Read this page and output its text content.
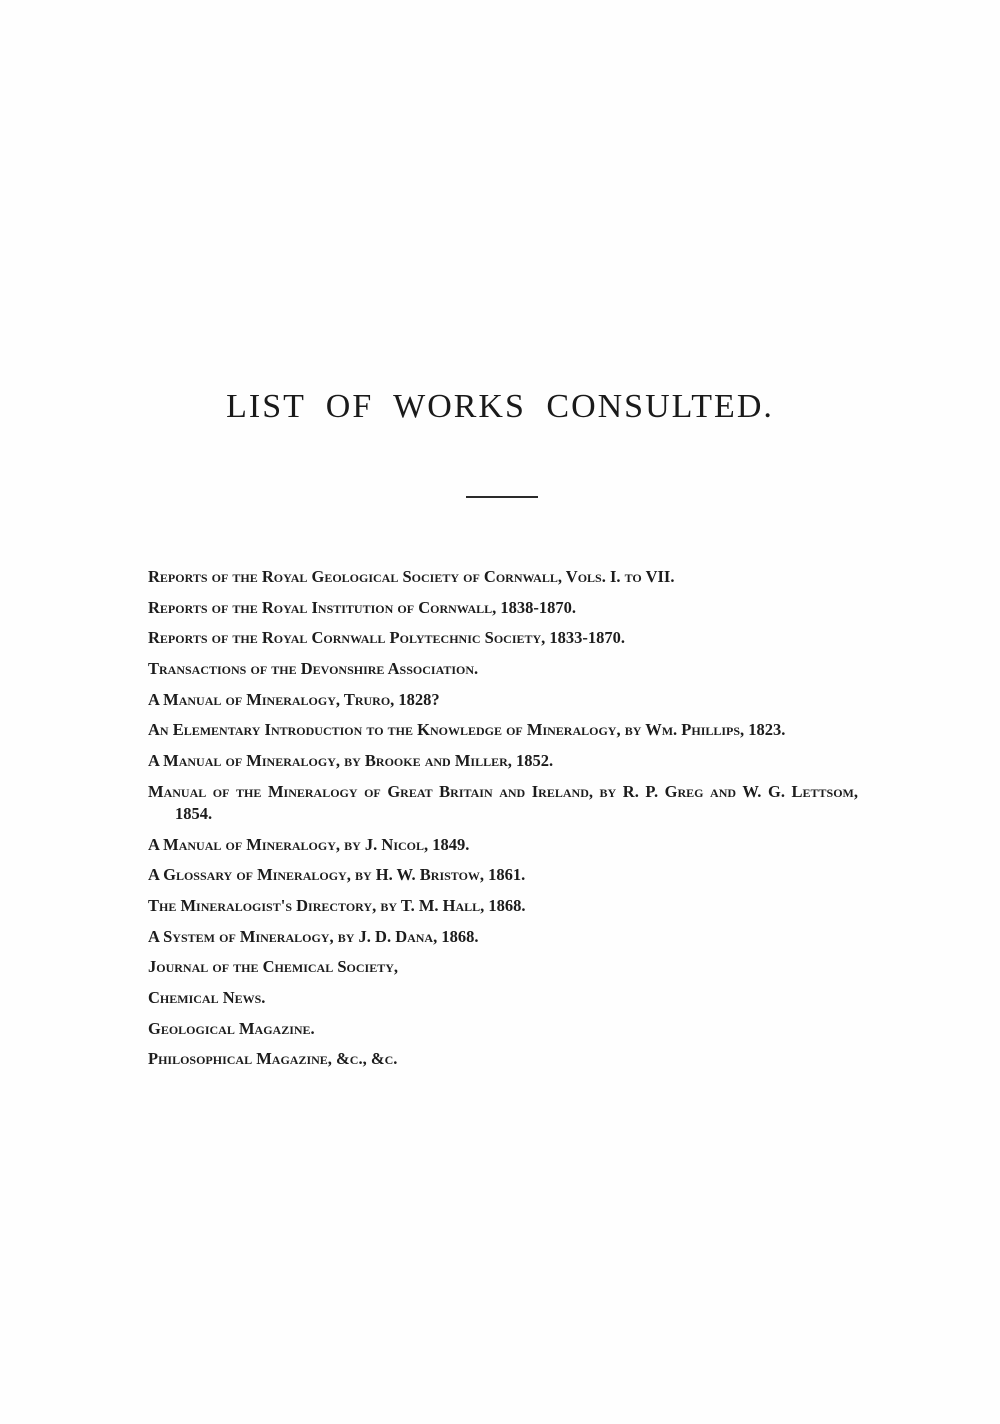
LIST OF WORKS CONSULTED.
Reports of the Royal Geological Society of Cornwall, Vols. I. to VII.
Reports of the Royal Institution of Cornwall, 1838-1870.
Reports of the Royal Cornwall Polytechnic Society, 1833-1870.
Transactions of the Devonshire Association.
A Manual of Mineralogy, Truro, 1828?
An Elementary Introduction to the Knowledge of Mineralogy, by Wm. Phillips, 1823.
A Manual of Mineralogy, by Brooke and Miller, 1852.
Manual of the Mineralogy of Great Britain and Ireland, by R. P. Greg and W. G. Lettsom, 1854.
A Manual of Mineralogy, by J. Nicol, 1849.
A Glossary of Mineralogy, by H. W. Bristow, 1861.
The Mineralogist's Directory, by T. M. Hall, 1868.
A System of Mineralogy, by J. D. Dana, 1868.
Journal of the Chemical Society,
Chemical News.
Geological Magazine.
Philosophical Magazine, &c., &c.
